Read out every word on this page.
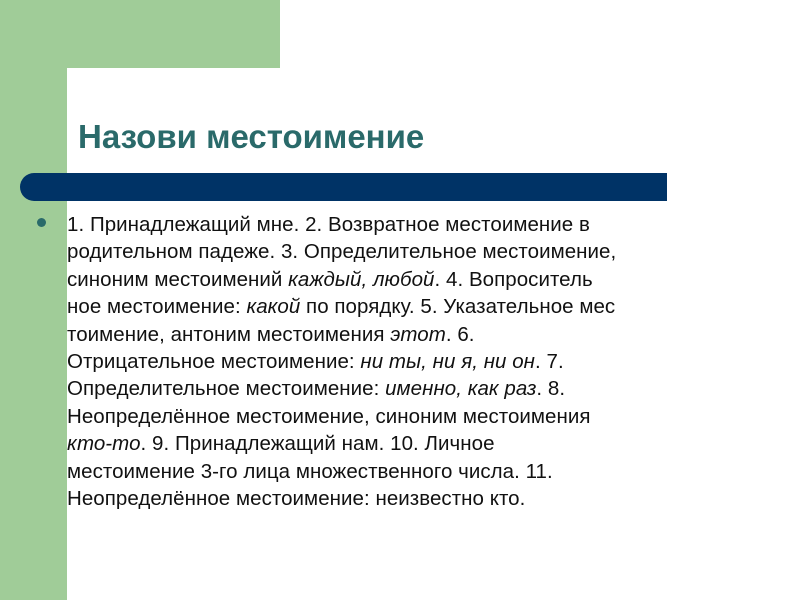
Назови местоимение
1. Принадлежащий мне. 2. Возвратное местоимение в
родительном падеже. 3. Определительное местоимение,
синоним местоимений каждый, любой. 4. Вопроситель
ное местоимение: какой по порядку. 5. Указательное мес
тоимение, антоним местоимения этот. 6.
Отрицательное местоимение: ни ты, ни я, ни он. 7.
Определительное местоимение: именно, как раз. 8.
Неопределённое местоимение, синоним местоимения
кто-то. 9. Принадлежащий нам. 10. Личное
местоимение 3-го лица множественного числа. 11.
Неопределённое местоимение: неизвестно кто.
